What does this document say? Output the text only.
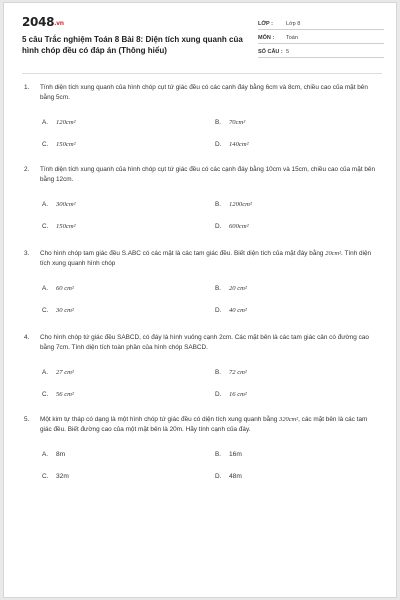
2048.vn
5 câu Trắc nghiệm Toán 8 Bài 8: Diện tích xung quanh của hình chóp đều có đáp án (Thông hiểu)
LỚP :	Lớp 8
MÔN :	Toán
SỐ CÂU : 5
1.	Tính diện tích xung quanh của hình chóp cụt tứ giác đều có các cạnh đáy bằng 6cm và 8cm, chiều cao của mặt bên bằng 5cm.
A.	120cm²	B.	70cm²
C.	150cm²	D.	140cm²
2.	Tính diện tích xung quanh của hình chóp cụt tứ giác đều có các cạnh đáy bằng 10cm và 15cm, chiều cao của mặt bên bằng 12cm.
A.	300cm²	B.	1200cm²
C.	150cm²	D.	600cm²
3.	Cho hình chóp tam giác đều S.ABC có các mặt là các tam giác đều. Biết diện tích của mặt đáy bằng 20cm². Tính diện tích xung quanh hình chóp
A.	60 cm²	B.	20 cm²
C.	30 cm²	D.	40 cm²
4.	Cho hình chóp tứ giác đều SABCD, có đáy là hình vuông cạnh 2cm. Các mặt bên là các tam giác cân có đường cao bằng 7cm. Tính diện tích toàn phần của hình chóp SABCD.
A.	27 cm²	B.	72 cm²
C.	56 cm²	D.	16 cm²
5.	Một kim tự tháp có dạng là một hình chóp tứ giác đều có diện tích xung quanh bằng 320cm², các mặt bên là các tam giác đều. Biết đường cao của một mặt bên là 20m. Hãy tính cạnh của đáy.
A.	8m	B.	16m
C.	32m	D.	48m
